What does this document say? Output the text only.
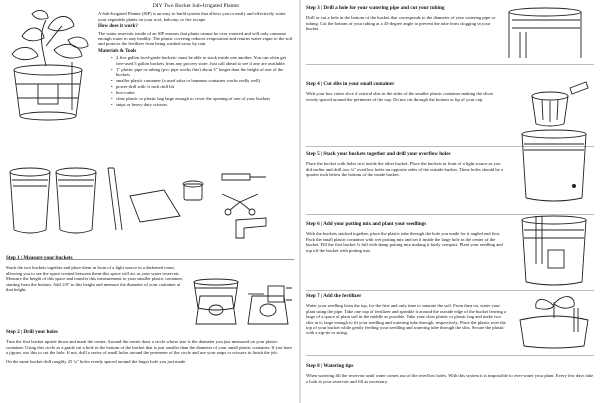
DIY Two Bucket Sub-Irrigated Planter

A Sub-Irrigated Planter (SIP) is an easy to build system that allows you to easily and effectively water your vegetable plants on your roof, balcony, or fire escape.

How does it work?

The water reservoir inside of an SIP ensures that plants cannot be over watered and will only consume enough water to stay healthy. The plastic covering reduces evaporation and returns water vapor to the soil and protects the fertilizer from being washed away by rain.

Materials & Tools
• 2 five gallon food-grade buckets- must be able to stack inside one another. You can often get free-used 5 gallon buckets from any grocery store. Just call ahead to see if any are available.
• 1" plastic pipe or tubing (pvc pipe works fine) about 3" longer than the height of one of the buckets
• smaller plastic container (a used salsa or hummus container works really well)
• power drill with ¼ inch drill bit
• box-cutter
• clear plastic or plastic bag large enough to cover the opening of one of your buckets
• snips or heavy duty scissors
Step 1 | Measure your buckets

Stack the two buckets together and place them in front of a light source in a darkened room, allowing you to see the space created between them-this space will act as your water reservoir. Measure the height of this space and transfer this measurement to your smaller plastic container, starting from the bottom. Add 1/8" to this height and measure the diameter of your container at that height.

Step 2 | Drill your holes

Turn the first bucket upside down and mark the center. Around the center draw a circle whose size is the diameter you just measured on your plastic container. Using this circle as a guide cut a hole in the bottom of the bucket that is just smaller than the diameter of your small plastic container. If you have a jigsaw, use this to cut the hole. If not, drill a series of small holes around the perimeter of the circle and use your snips or scissors to finish the job.

On the same bucket drill roughly 25 ¼" holes evenly spaced around the larger hole you just made.

Step 3 | Drill a hole for your watering pipe and cut your tubing

Drill or cut a hole in the bottom of the bucket that corresponds to the diameter of your watering pipe or tubing. Cut the bottom of your tubing at a 45-degree angle to prevent the tube from clogging in your bucket.

Step 4 | Cut slits in your small container

With your box cutter slice 4 vertical slits in the sides of the smaller plastic container making the slices evenly spaced around the perimeter of the cup. Do not cut through the bottom or lip of your cup.

Step 5 | Stack your buckets together and drill your overflow holes

Place the bucket with holes in it inside the other bucket. Place the buckets in front of a light source as you did earlier and drill two ¼" overflow holes on opposite sides of the outside bucket. These holes should be a quarter inch below the bottom of the inside bucket.

Step 6 | Add your potting mix and plant your seedlings

With the buckets stacked together, place the plastic tube through the hole you made for it angled end first. Pack the small plastic container with wet potting mix and set it inside the large hole in the center of the bucket. Fill the first bucket ¾ full with damp potting mix making it fairly compact. Plant your seedling and top off the bucket with potting mix.

Step 7 | Add the fertilizer

Water your seedling from the top, for the first and only time to saturate the soil. From then on, water your plant using the pipe. Take one cup of fertilizer and sprinkle it around the outside edge of the bucket leaving a large of a space of plain soil in the middle as possible. Take your clear plastic or plastic bag and make two slits in it, large enough to fit your seedling and watering tube through, respectively. Place the plastic over the top of your bucket while gently feeding your seedling and watering tube through the slits. Secure the plastic with a zip-tie or string.

Step 8 | Watering tips

When watering fill the reservoir until water comes out of the overflow holes. With this system it is impossible to over-water your plant. Every few days take a look at your reservoir and fill as necessary.
